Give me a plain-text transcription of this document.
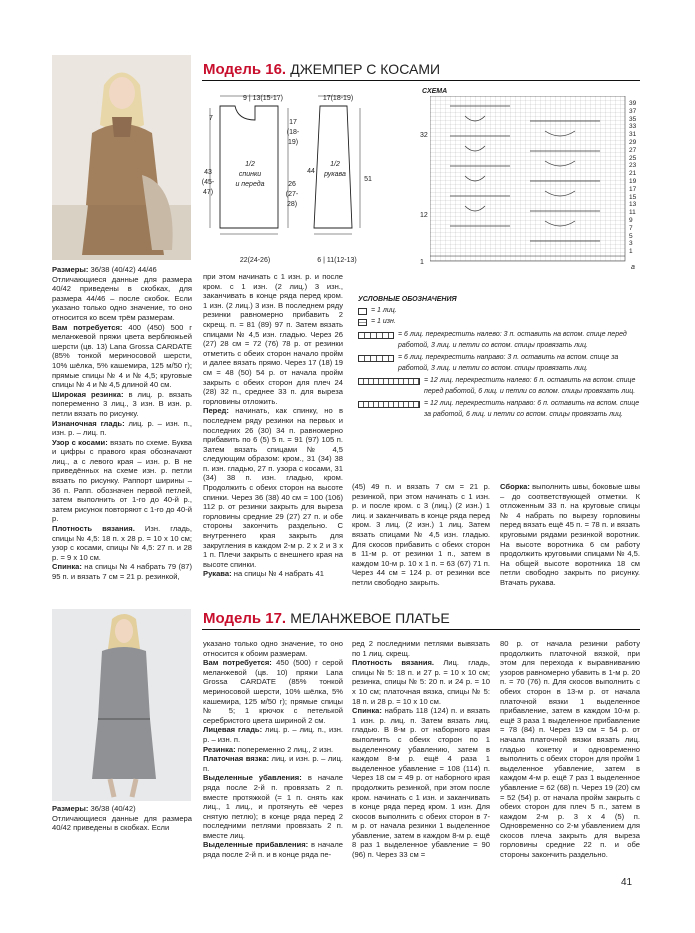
Модель 16. ДЖЕМПЕР С КОСАМИ

Размеры: 36/38 (40/42) 44/46

Отличающиеся данные для размера 40/42 приведены в скобках, для размера 44/46 – после скобок. Если указано только одно значение, то оно относится ко всем трём размерам.

Вам потребуется: 400 (450) 500 г меланжевой пряжи цвета верблюжьей шерсти (цв. 13) Lana Grossa CARDATE (85% тонкой мериносовой шерсти, 10% шёлка, 5% кашемира, 125 м/50 г); прямые спицы № 4 и № 4,5; круговые спицы № 4 и № 4,5 длиной 40 см.

Широкая резинка: в лиц. р. вязать попеременно 3 лиц., 3 изн. В изн. р. петли вязать по рисунку.

Изнаночная гладь: лиц. р. – изн. п., изн. р. – лиц. п.

Узор с косами: вязать по схеме. Буква и цифры с правого края обозначают лиц., а с левого края – изн. р. В не приведённых на схеме изн. р. петли вязать по рисунку. Раппорт ширины – 36 п. Рапп. обозначен первой петлей, затем выполнить от 1-го до 40-й р., затем рисунок повторяют с 1-го до 40-й р.

Плотность вязания. Изн. гладь, спицы № 4,5: 18 п. х 28 р. = 10 х 10 см; узор с косами, спицы № 4,5: 27 п. и 28 р. = 9 х 10 см.

Спинка: на спицы № 4 набрать 79 (87) 95 п. и вязать 7 см = 21 р. резинкой,

при этом начинать с 1 изн. р. и после кром. с 1 изн. (2 лиц.) 3 изн., заканчивать в конце ряда перед кром. 1 изн. (2 лиц.) 3 изн. В последнем ряду резинки равномерно прибавить 2 скрещ. п. = 81 (89) 97 п. Затем вязать спицами № 4,5 изн. гладью. Через 26 (27) 28 см = 72 (76) 78 р. от резинки отметить с обеих сторон начало пройм и далее вязать прямо. Через 17 (18) 19 см = 48 (50) 54 р. от начала пройм закрыть с обеих сторон для плеч 24 (28) 32 п., среднее 33 п. для выреза горловины отложить.

Перед: начинать, как спинку, но в последнем ряду резинки на первых и последних 26 (30) 34 п. равномерно прибавить по 6 (5) 5 п. = 91 (97) 105 п. Затем вязать спицами № 4,5 следующим образом: кром., 31 (34) 38 п. изн. гладью, 27 п. узора с косами, 31 (34) 38 п. изн. гладью, кром. Продолжить с обеих сторон на высоте спинки. Через 36 (38) 40 см = 100 (106) 112 р. от резинки закрыть для выреза горловины средние 29 (27) 27 п. и обе стороны закончить раздельно. С внутреннего края закрыть для закругления в каждом 2-м р. 2 х 2 и 3 х 1 п. Плечи закрыть с внешнего края на высоте спинки.

Рукава: на спицы № 4 набрать 41

(45) 49 п. и вязать 7 см = 21 р. резинкой, при этом начинать с 1 изн. р. и после кром. с 3 (лиц.) (2 изн.) 1 лиц. и заканчивать в конце ряда перед кром. 3 лиц. (2 изн.) 1 лиц. Затем вязать спицами № 4,5 изн. гладью. Для скосов прибавить с обеих сторон в 11-м р. от резинки 1 п., затем в каждом 10-м р. 10 х 1 п. = 63 (67) 71 п. Через 44 см = 124 р. от резинки все петли свободно закрыть.

Сборка: выполнить швы, боковые швы – до соответствующей отметки. К отложенным 33 п. на круговые спицы № 4 набрать по вырезу горловины перед вязать ещё 45 п. = 78 п. и вязать круговыми рядами резинкой воротник. На высоте воротника 6 см работу продолжить круговыми спицами № 4,5. На общей высоте воротника 18 см петли свободно закрыть по рисунку. Втачать рукава.

9 | 13(15-17)	17(18-19)
7
17 (18-19)
43 (45-47)
1/2
спинки
и переда	26 (27-28)
44
1/2
рукава
51
22(24-26)	6 | 11(12-13)
СХЕМА
32
12
1
39
37
35
33
31
29
27
25
23
21
19
17
15
13
11
9
7
5
3
1
a
УСЛОВНЫЕ ОБОЗНАЧЕНИЯ
= 1 лиц.
= 1 изн.
= 6 лиц. перекрестить налево: 3 п. оставить на вспом. спице перед работой, 3 лиц. и петли со вспом. спицы провязать лиц.
= 6 лиц. перекрестить направо: 3 п. оставить на вспом. спице за работой, 3 лиц. и петли со вспом. спицы провязать лиц.
= 12 лиц. перекрестить налево: 6 п. оставить на вспом. спице перед работой, 6 лиц. и петли со вспом. спицы провязать лиц.
= 12 лиц. перекрестить направо: 6 п. оставить на вспом. спице за работой, 6 лиц. и петли со вспом. спицы провязать лиц.
Модель 17. МЕЛАНЖЕВОЕ ПЛАТЬЕ

Размеры: 36/38 (40/42)

Отличающиеся данные для размера 40/42 приведены в скобках. Если

указано только одно значение, то оно относится к обоим размерам.

Вам потребуется: 450 (500) г серой меланжевой (цв. 10) пряжи Lana Grossa CARDATE (85% тонкой мериносовой шерсти, 10% шёлка, 5% кашемира, 125 м/50 г); прямые спицы № 5; 1 крючок с петелькой серебристого цвета шириной 2 см.

Лицевая гладь: лиц. р. – лиц. п., изн. р. – изн. п.

Резинка: попеременно 2 лиц., 2 изн.

Платочная вязка: лиц. и изн. р. – лиц. п.

Выделенные убавления: в начале ряда после 2-й п. провязать 2 п. вместе протяжкой (= 1 п. снять как лиц., 1 лиц., и протянуть её через снятую петлю); в конце ряда перед 2 последними петлями провязать 2 п. вместе лиц.

Выделенные прибавления: в начале ряда после 2-й п. и в конце ряда пе-

ред 2 последними петлями вывязать по 1 лиц. скрещ.

Плотность вязания. Лиц. гладь, спицы № 5: 18 п. и 27 р. = 10 х 10 см; резинка, спицы № 5: 20 п. и 24 р. = 10 х 10 см; платочная вязка, спицы № 5: 18 п. и 28 р. = 10 х 10 см.

Спинка: набрать 118 (124) п. и вязать 1 изн. р. лиц. п. Затем вязать лиц. гладью. В 8-м р. от наборного края выполнить с обеих сторон по 1 выделенному убавлению, затем в каждом 8-м р. ещё 4 раза 1 выделенное убавление = 108 (114) п. Через 18 см = 49 р. от наборного края продолжить резинкой, при этом после кром. начинать с 1 изн. и заканчивать в конце ряда перед кром. 1 изн. Для скосов выполнить с обеих сторон в 7-м р. от начала резинки 1 выделенное убавление, затем в каждом 8-м р. ещё 8 раз 1 выделенное убавление = 90 (96) п. Через 33 см =

80 р. от начала резинки работу продолжить платочной вязкой, при этом для перехода к выравниванию узоров равномерно убавить в 1-м р. 20 п. = 70 (76) п. Для скосов выполнить с обеих сторон в 13-м р. от начала платочной вязки 1 выделенное прибавление, затем в каждом 10-м р. ещё 3 раза 1 выделенное прибавление = 78 (84) п. Через 19 см = 54 р. от начала платочной вязки вязать лиц. гладью кокетку и одновременно выполнить с обеих сторон для пройм 1 выделенное убавление, затем в каждом 4-м р. ещё 7 раз 1 выделенное убавление = 62 (68) п. Через 19 (20) см = 52 (54) р. от начала пройм закрыть с обеих сторон для плеч 5 п., затем в каждом 2-м р. 3 х 4 (5) п. Одновременно со 2-м убавлением для скосов плеча закрыть для выреза горловины средние 22 п. и обе стороны закончить раздельно.

41
